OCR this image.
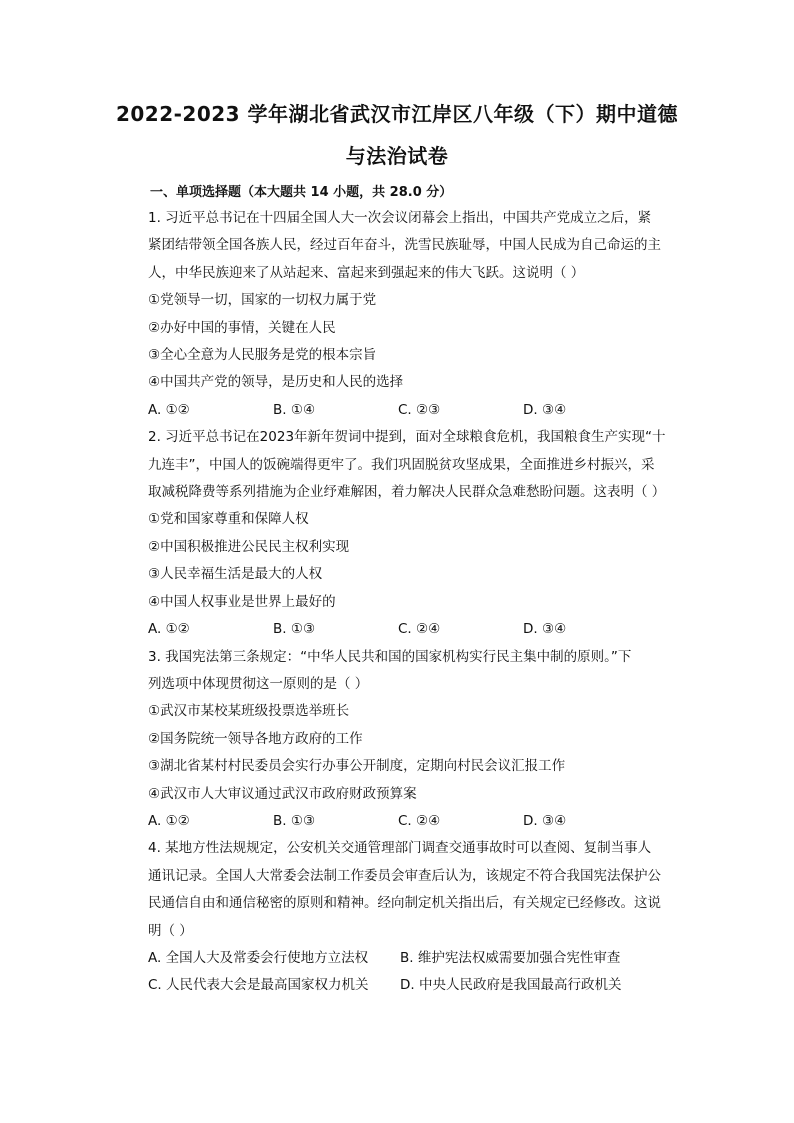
2022-2023 学年湖北省武汉市江岸区八年级（下）期中道德
与法治试卷
一、单项选择题（本大题共 14 小题，共 28.0 分）
1. 习近平总书记在十四届全国人大一次会议闭幕会上指出，中国共产党成立之后，紧
紧团结带领全国各族人民，经过百年奋斗，洗雪民族耻辱，中国人民成为自己命运的主
人，中华民族迎来了从站起来、富起来到强起来的伟大飞跃。这说明（ ）
①党领导一切，国家的一切权力属于党
②办好中国的事情，关键在人民
③全心全意为人民服务是党的根本宗旨
④中国共产党的领导，是历史和人民的选择
A. ①②	B. ①④	C. ②③	D. ③④
2. 习近平总书记在2023年新年贺词中提到，面对全球粮食危机，我国粮食生产实现“十
九连丰”，中国人的饭碗端得更牢了。我们巩固脱贫攻坚成果，全面推进乡村振兴，采
取减税降费等系列措施为企业纾难解困，着力解决人民群众急难愁盼问题。这表明（ ）
①党和国家尊重和保障人权
②中国积极推进公民民主权利实现
③人民幸福生活是最大的人权
④中国人权事业是世界上最好的
A. ①②	B. ①③	C. ②④	D. ③④
3. 我国宪法第三条规定：“中华人民共和国的国家机构实行民主集中制的原则。”下
列选项中体现贯彻这一原则的是（ ）
①武汉市某校某班级投票选举班长
②国务院统一领导各地方政府的工作
③湖北省某村村民委员会实行办事公开制度，定期向村民会议汇报工作
④武汉市人大审议通过武汉市政府财政预算案
A. ①②	B. ①③	C. ②④	D. ③④
4. 某地方性法规规定，公安机关交通管理部门调查交通事故时可以查阅、复制当事人
通讯记录。全国人大常委会法制工作委员会审查后认为，该规定不符合我国宪法保护公
民通信自由和通信秘密的原则和精神。经向制定机关指出后，有关规定已经修改。这说
明（ ）
A. 全国人大及常委会行使地方立法权	B. 维护宪法权威需要加强合宪性审查
C. 人民代表大会是最高国家权力机关	D. 中央人民政府是我国最高行政机关
